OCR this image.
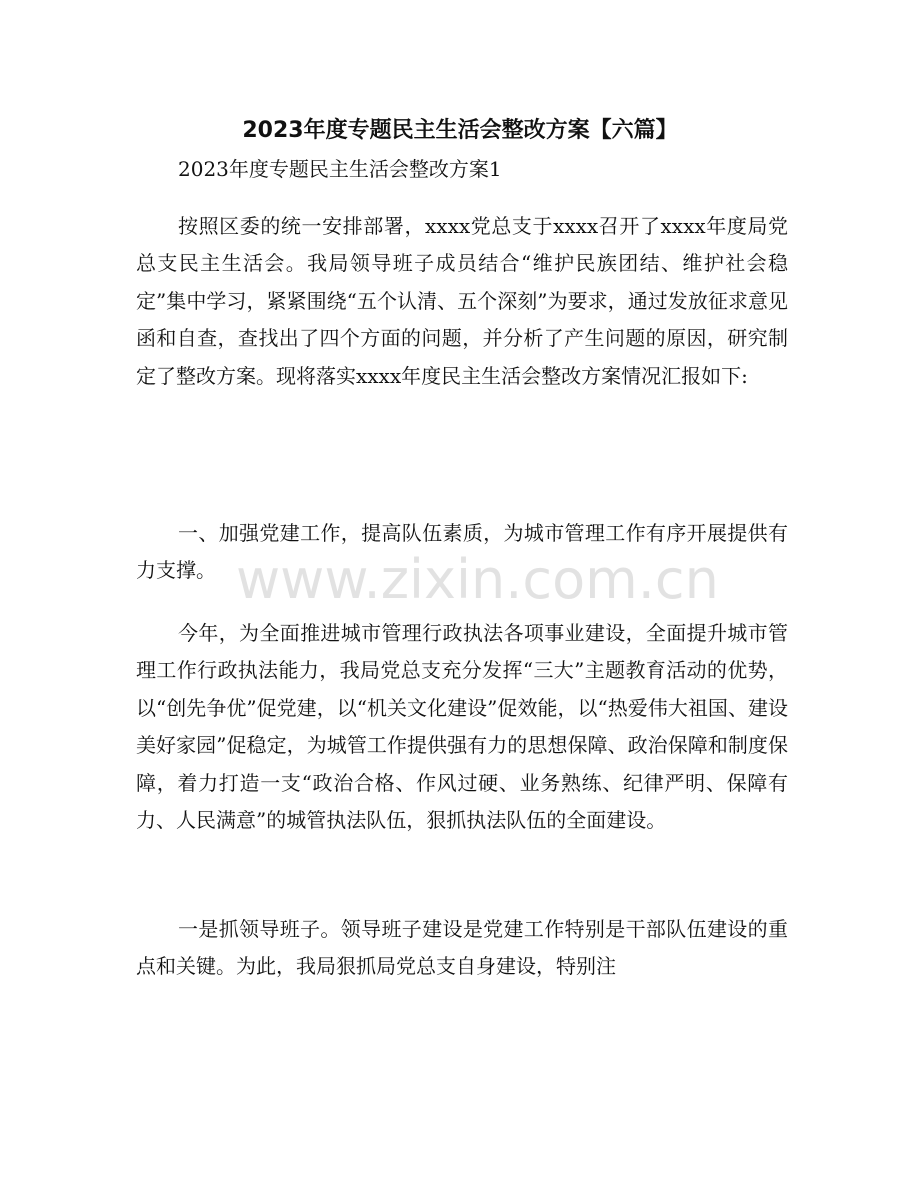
2023年度专题民主生活会整改方案【六篇】
2023年度专题民主生活会整改方案1
按照区委的统一安排部署，xxxx党总支于xxxx召开了xxxx年度局党总支民主生活会。我局领导班子成员结合“维护民族团结、维护社会稳定”集中学习，紧紧围绕“五个认清、五个深刻”为要求，通过发放征求意见函和自查，查找出了四个方面的问题，并分析了产生问题的原因，研究制定了整改方案。现将落实xxxx年度民主生活会整改方案情况汇报如下:
一、加强党建工作，提高队伍素质，为城市管理工作有序开展提供有力支撑。
今年，为全面推进城市管理行政执法各项事业建设，全面提升城市管理工作行政执法能力，我局党总支充分发挥“三大”主题教育活动的优势，以“创先争优”促党建，以“机关文化建设”促效能，以“热爱伟大祖国、建设美好家园”促稳定，为城管工作提供强有力的思想保障、政治保障和制度保障，着力打造一支“政治合格、作风过硬、业务熟练、纪律严明、保障有力、人民满意”的城管执法队伍，狠抓执法队伍的全面建设。
一是抓领导班子。领导班子建设是党建工作特别是干部队伍建设的重点和关键。为此，我局狠抓局党总支自身建设，特别注
www.zixin.com.cn
